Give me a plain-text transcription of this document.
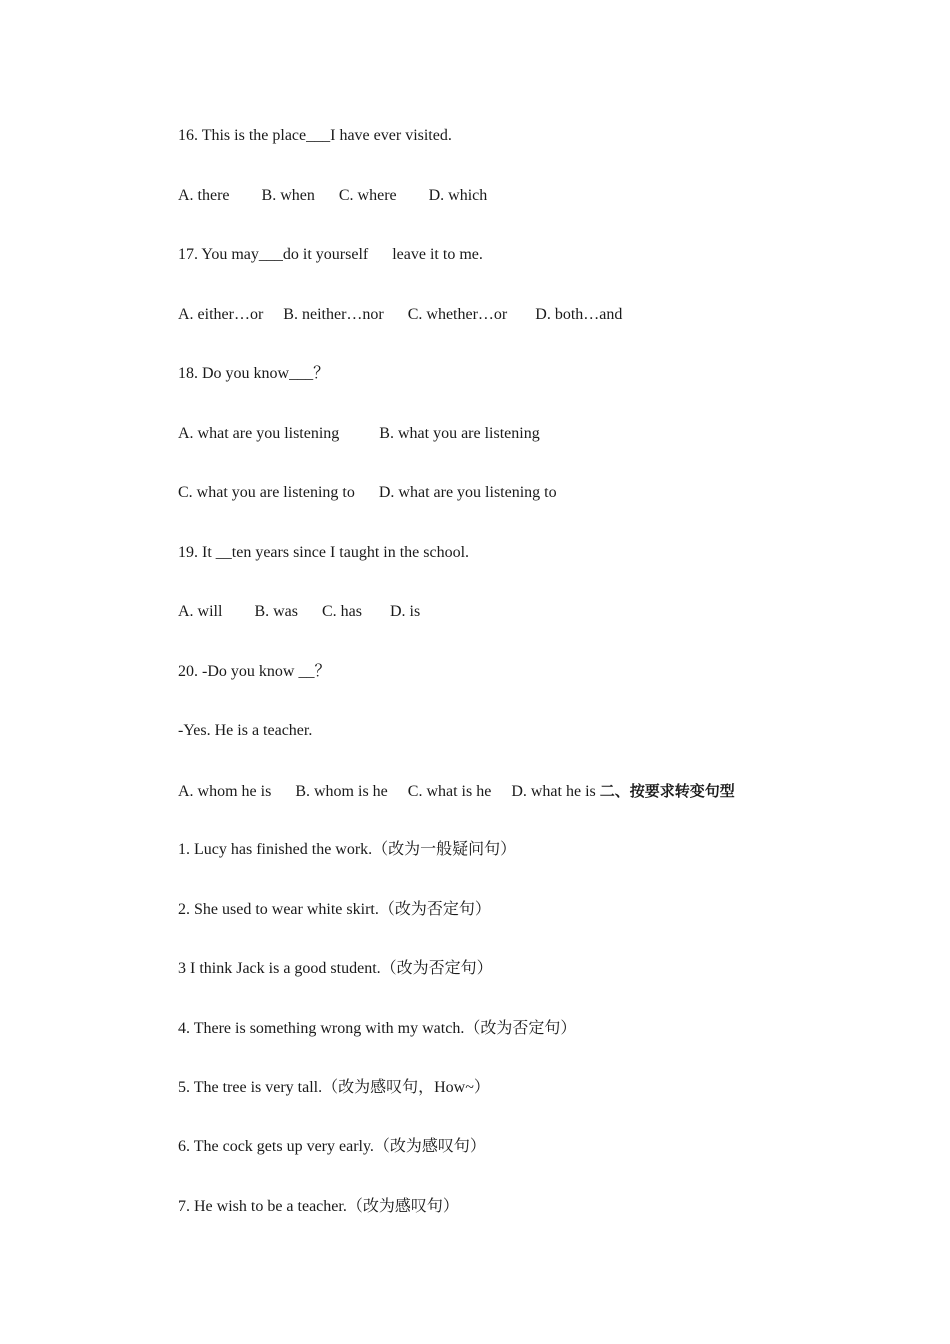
16. This is the place___I have ever visited.
A. there        B. when      C. where        D. which
17. You may___do it yourself      leave it to me.
A. either…or     B. neither…nor      C. whether…or       D. both…and
18. Do you know___？
A. what are you listening          B. what you are listening
C. what you are listening to      D. what are you listening to
19. It __ten years since I taught in the school.
A. will        B. was      C. has       D. is
20. -Do you know __？
-Yes. He is a teacher.
A. whom he is      B. whom is he     C. what is he     D. what he is 二、按要求转变句型
1. Lucy has finished the work.（改为一般疑问句）
2. She used to wear white skirt.（改为否定句）
3 I think Jack is a good student.（改为否定句）
4. There is something wrong with my watch.（改为否定句）
5. The tree is very tall.（改为感叹句，How~）
6. The cock gets up very early.（改为感叹句）
7. He wish to be a teacher.（改为感叹句）
